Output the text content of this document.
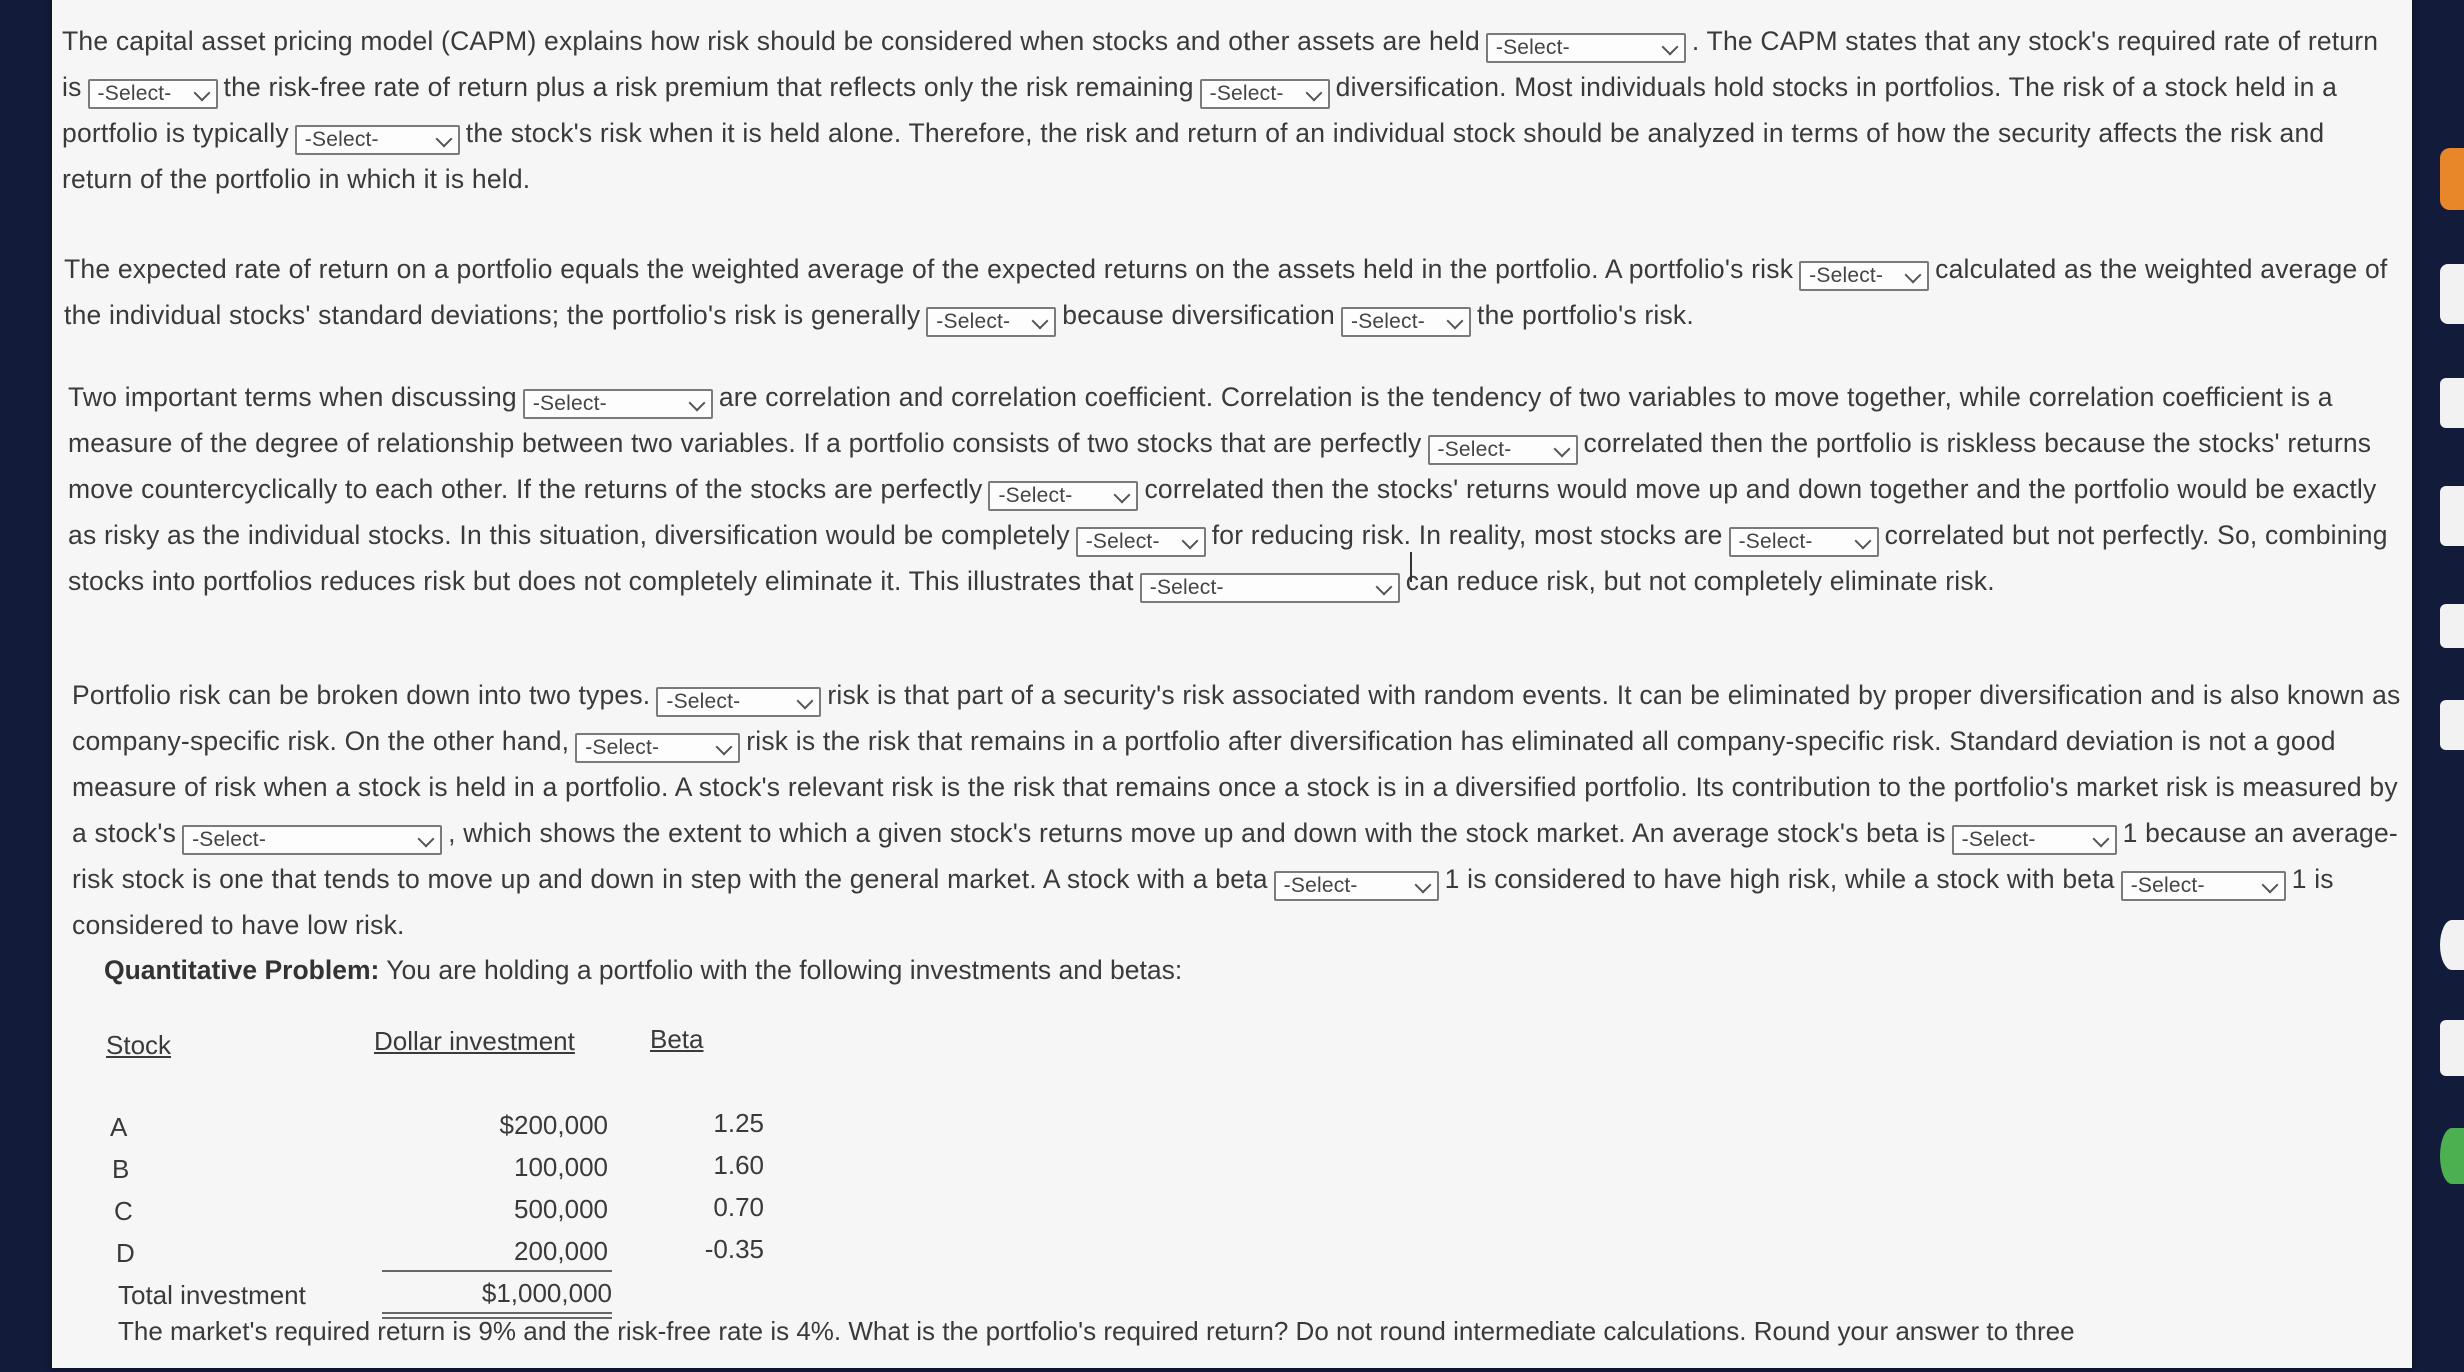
The capital asset pricing model (CAPM) explains how risk should be considered when stocks and other assets are held -Select-	. The CAPM states that any stock's required rate of return is -Select- the risk-free rate of return plus a risk premium that reflects only the risk remaining -Select- diversification. Most individuals hold stocks in portfolios. The risk of a stock held in a portfolio is typically -Select-	the stock's risk when it is held alone. Therefore, the risk and return of an individual stock should be analyzed in terms of how the security affects the risk and return of the portfolio in which it is held.
The expected rate of return on a portfolio equals the weighted average of the expected returns on the assets held in the portfolio. A portfolio's risk -Select- calculated as the weighted average of the individual stocks' standard deviations; the portfolio's risk is generally -Select- because diversification -Select- the portfolio's risk.
Two important terms when discussing -Select-	are correlation and correlation coefficient. Correlation is the tendency of two variables to move together, while correlation coefficient is a measure of the degree of relationship between two variables. If a portfolio consists of two stocks that are perfectly -Select-	correlated then the portfolio is riskless because the stocks' returns move countercyclically to each other. If the returns of the stocks are perfectly -Select-	correlated then the stocks' returns would move up and down together and the portfolio would be exactly as risky as the individual stocks. In this situation, diversification would be completely -Select- for reducing risk. In reality, most stocks are -Select-	correlated but not perfectly. So, combining stocks into portfolios reduces risk but does not completely eliminate it. This illustrates that -Select-	can reduce risk, but not completely eliminate risk.
Portfolio risk can be broken down into two types. -Select-	risk is that part of a security's risk associated with random events. It can be eliminated by proper diversification and is also known as company-specific risk. On the other hand, -Select-	risk is the risk that remains in a portfolio after diversification has eliminated all company-specific risk. Standard deviation is not a good measure of risk when a stock is held in a portfolio. A stock's relevant risk is the risk that remains once a stock is in a diversified portfolio. Its contribution to the portfolio's market risk is measured by a stock's -Select-	, which shows the extent to which a given stock's returns move up and down with the stock market. An average stock's beta is -Select-	1 because an average-risk stock is one that tends to move up and down in step with the general market. A stock with a beta -Select-	1 is considered to have high risk, while a stock with beta -Select-	1 is considered to have low risk.
Quantitative Problem: You are holding a portfolio with the following investments and betas:
Stock	Dollar investment	Beta
A	$200,000	1.25
B	100,000	1.60
C	500,000	0.70
D	200,000	-0.35
Total investment	$1,000,000
The market's required return is 9% and the risk-free rate is 4%. What is the portfolio's required return? Do not round intermediate calculations. Round your answer to three
